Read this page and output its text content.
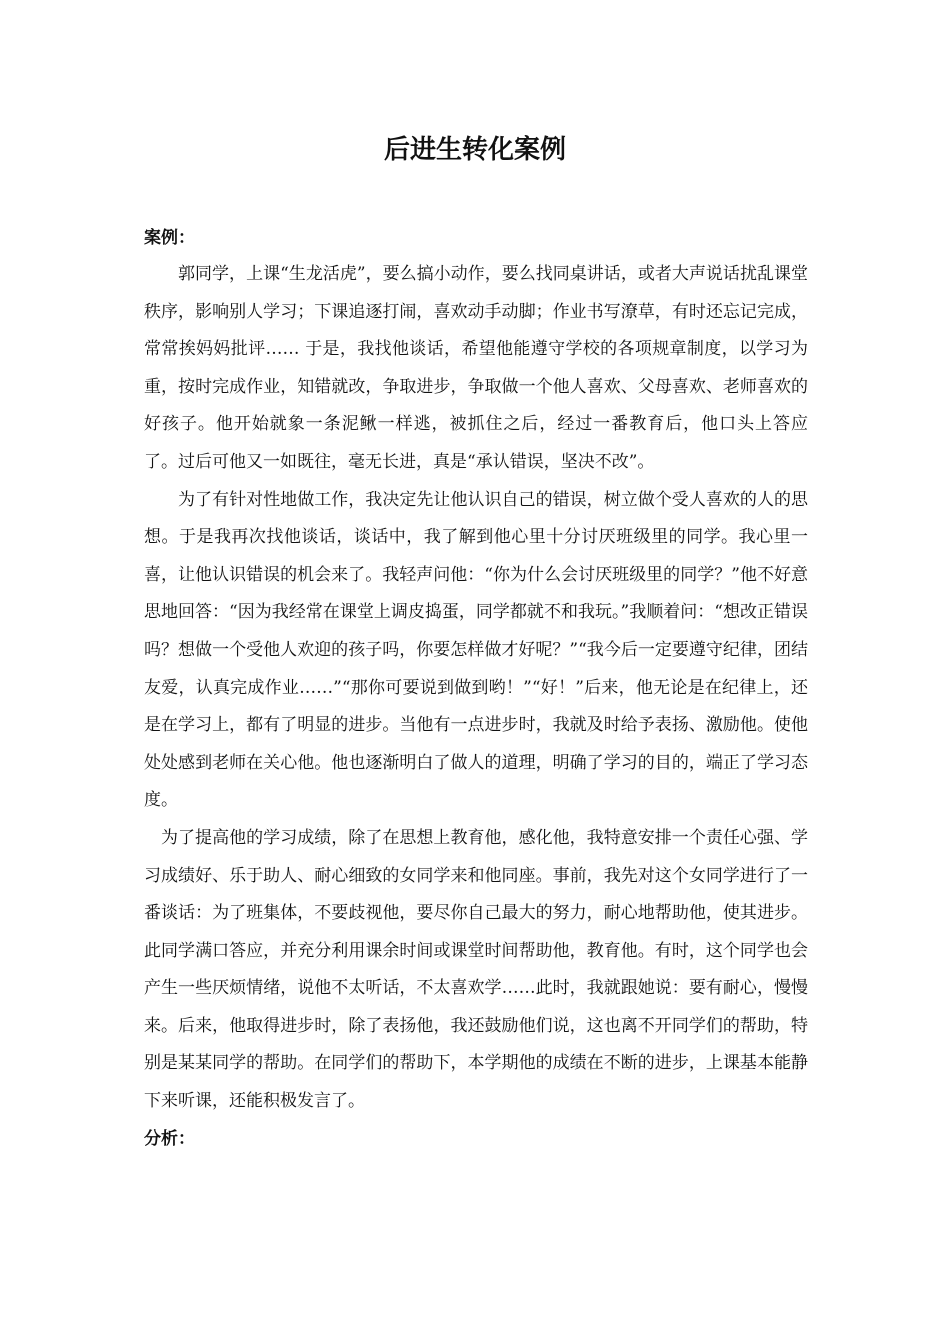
后进生转化案例
案例：

郭同学，上课“生龙活虎”，要么搞小动作，要么找同桌讲话，或者大声说话扰乱课堂秩序，影响别人学习；下课追逐打闹，喜欢动手动脚；作业书写潦草，有时还忘记完成，常常挨妈妈批评…… 于是，我找他谈话，希望他能遵守学校的各项规章制度，以学习为重，按时完成作业，知错就改，争取进步，争取做一个他人喜欢、父母喜欢、老师喜欢的好孩子。他开始就象一条泥鳅一样逃，被抓住之后，经过一番教育后，他口头上答应 了。过后可他又一如既往，毫无长进，真是“承认错误，坚决不改”。

为了有针对性地做工作，我决定先让他认识自己的错误，树立做个受人喜欢的人的思想。于是我再次找他谈话，谈话中，我了解到他心里十分讨厌班级里的同学。我心里一喜，让他认识错误的机会来了。我轻声问他：“你为什么会讨厌班级里的同学？”他不好意思地回答：“因为我经常在课堂上调皮捣蛋，同学都就不和我玩。”我顺着问：“想改正错误吗？想做一个受他人欢迎的孩子吗，你要怎样做才好呢？”“我今后一定要遵守纪律，团结友爱，认真完成作业……”“那你可要说到做到哟！”“好！”后来，他无论是在纪律上，还是在学习上，都有了明显的进步。当他有一点进步时，我就及时给予表扬、激励他。使他处处感到老师在关心他。他也逐渐明白了做人的道理，明确了学习的目的，端正了学习态度。

为了提高他的学习成绩，除了在思想上教育他，感化他，我特意安排一个责任心强、学习成绩好、乐于助人、耐心细致的女同学来和他同座。事前，我先对这个女同学进行了一番谈话：为了班集体，不要歧视他，要尽你自己最大的努力，耐心地帮助他，使其进步。此同学满口答应，并充分利用课余时间或课堂时间帮助他，教育他。有时，这个同学也会产生一些厌烦情绪，说他不太听话，不太喜欢学……此时，我就跟她说：要有耐心，慢慢来。后来，他取得进步时，除了表扬他，我还鼓励他们说，这也离不开同学们的帮助，特别是某某同学的帮助。在同学们的帮助下，本学期他的成绩在不断的进步，上课基本能静下来听课，还能积极发言了。

分析：
